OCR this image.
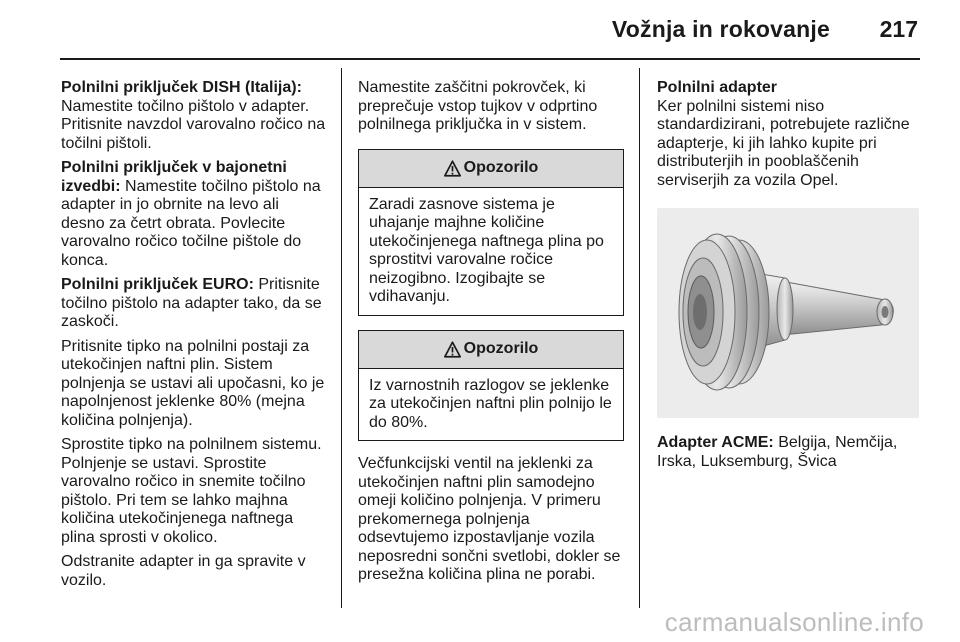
Vožnja in rokovanje 217

Polnilni priključek DISH (Italija):
Namestite točilno pištolo v adapter. Pritisnite navzdol varovalno ročico na točilni pištoli.

Polnilni priključek v bajonetni izvedbi: Namestite točilno pištolo na adapter in jo obrnite na levo ali desno za četrt obrata. Povlecite varovalno ročico točilne pištole do konca.

Polnilni priključek EURO: Pritisnite točilno pištolo na adapter tako, da se zaskoči.

Pritisnite tipko na polnilni postaji za utekočinjen naftni plin. Sistem polnjenja se ustavi ali upočasni, ko je napolnjenost jeklenke 80% (mejna količina polnjenja).

Sprostite tipko na polnilnem sistemu. Polnjenje se ustavi. Sprostite varovalno ročico in snemite točilno pištolo. Pri tem se lahko majhna količina utekočinjenega naftnega plina sprosti v okolico.

Odstranite adapter in ga spravite v vozilo.

Namestite zaščitni pokrovček, ki preprečuje vstop tujkov v odprtino polnilnega priključka in v sistem.

Opozorilo

Zaradi zasnove sistema je uhajanje majhne količine utekočinjenega naftnega plina po sprostitvi varovalne ročice neizogibno. Izogibajte se vdihavanju.

Opozorilo

Iz varnostnih razlogov se jeklenke za utekočinjen naftni plin polnijo le do 80%.

Večfunkcijski ventil na jeklenki za utekočinjen naftni plin samodejno omeji količino polnjenja. V primeru prekomernega polnjenja odsevtujemo izpostavljanje vozila neposredni sončni svetlobi, dokler se presežna količina plina ne porabi.

Polnilni adapter
Ker polnilni sistemi niso standardizirani, potrebujete različne adapterje, ki jih lahko kupite pri distributerjih in pooblaščenih serviserjih za vozila Opel.

Adapter ACME: Belgija, Nemčija, Irska, Luksemburg, Švica

carmanualsonline.info
